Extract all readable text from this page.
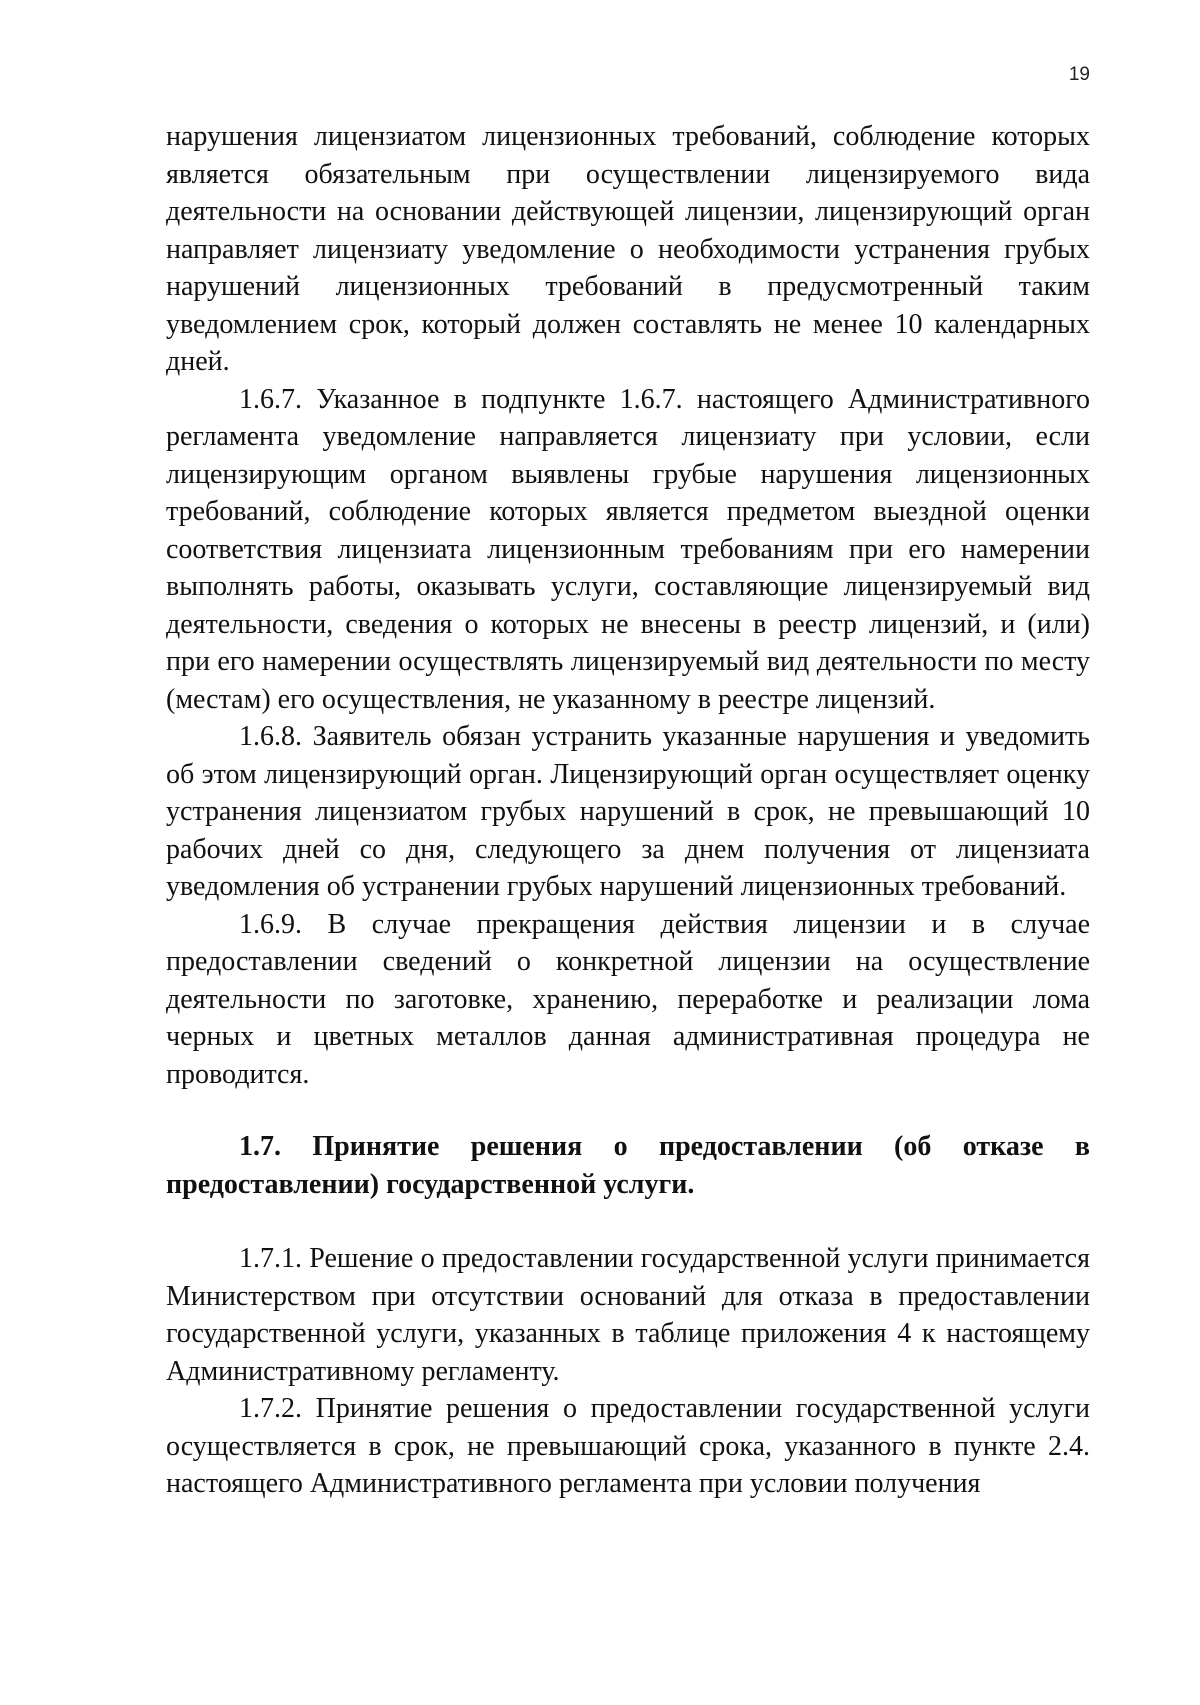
19

нарушения лицензиатом лицензионных требований, соблюдение которых является обязательным при осуществлении лицензируемого вида деятельности на основании действующей лицензии, лицензирующий орган направляет лицензиату уведомление о необходимости устранения грубых нарушений лицензионных требований в предусмотренный таким уведомлением срок, который должен составлять не менее 10 календарных дней.

1.6.7. Указанное в подпункте 1.6.7. настоящего Административного регламента уведомление направляется лицензиату при условии, если лицензирующим органом выявлены грубые нарушения лицензионных требований, соблюдение которых является предметом выездной оценки соответствия лицензиата лицензионным требованиям при его намерении выполнять работы, оказывать услуги, составляющие лицензируемый вид деятельности, сведения о которых не внесены в реестр лицензий, и (или) при его намерении осуществлять лицензируемый вид деятельности по месту (местам) его осуществления, не указанному в реестре лицензий.

1.6.8. Заявитель обязан устранить указанные нарушения и уведомить об этом лицензирующий орган. Лицензирующий орган осуществляет оценку устранения лицензиатом грубых нарушений в срок, не превышающий 10 рабочих дней со дня, следующего за днем получения от лицензиата уведомления об устранении грубых нарушений лицензионных требований.

1.6.9. В случае прекращения действия лицензии и в случае предоставлении сведений о конкретной лицензии на осуществление деятельности по заготовке, хранению, переработке и реализации лома черных и цветных металлов данная административная процедура не проводится.

1.7. Принятие решения о предоставлении (об отказе в предоставлении) государственной услуги.

1.7.1. Решение о предоставлении государственной услуги принимается Министерством при отсутствии оснований для отказа в предоставлении государственной услуги, указанных в таблице приложения 4 к настоящему Административному регламенту.

1.7.2. Принятие решения о предоставлении государственной услуги осуществляется в срок, не превышающий срока, указанного в пункте 2.4. настоящего Административного регламента при условии получения
